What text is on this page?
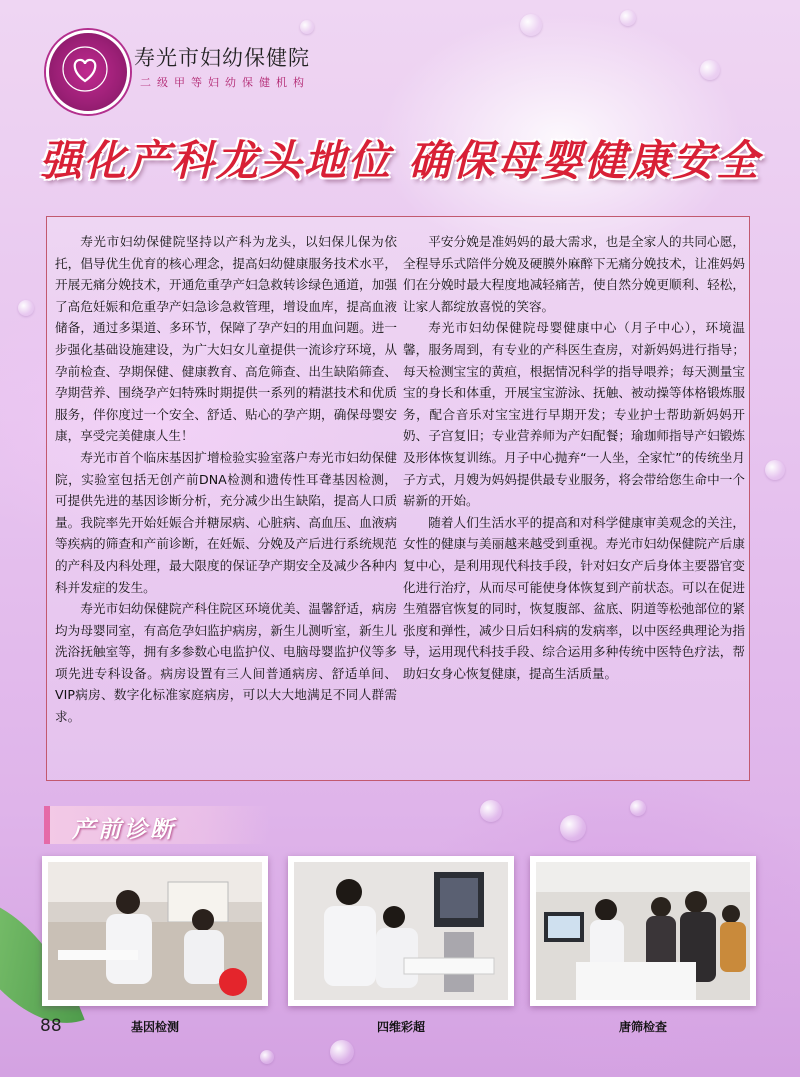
寿光市妇幼保健院
二级甲等妇幼保健机构
强化产科龙头地位 确保母婴健康安全

寿光市妇幼保健院坚持以产科为龙头，以妇保儿保为依托，倡导优生优育的核心理念，提高妇幼健康服务技术水平，开展无痛分娩技术，开通危重孕产妇急救转诊绿色通道，加强了高危妊娠和危重孕产妇急诊急救管理，增设血库，提高血液储备，通过多渠道、多环节，保障了孕产妇的用血问题。进一步强化基础设施建设，为广大妇女儿童提供一流诊疗环境，从孕前检查、孕期保健、健康教育、高危筛查、出生缺陷筛查、孕期营养、围绕孕产妇特殊时期提供一系列的精湛技术和优质服务，伴你度过一个安全、舒适、贴心的孕产期，确保母婴安康，享受完美健康人生！

寿光市首个临床基因扩增检验实验室落户寿光市妇幼保健院，实验室包括无创产前DNA检测和遗传性耳聋基因检测，可提供先进的基因诊断分析，充分减少出生缺陷，提高人口质量。我院率先开始妊娠合并糖尿病、心脏病、高血压、血液病等疾病的筛查和产前诊断，在妊娠、分娩及产后进行系统规范的产科及内科处理，最大限度的保证孕产期安全及减少各种内科并发症的发生。

寿光市妇幼保健院产科住院区环境优美、温馨舒适，病房均为母婴同室，有高危孕妇监护病房，新生儿测听室，新生儿洗浴抚触室等，拥有多参数心电监护仪、电脑母婴监护仪等多项先进专科设备。病房设置有三人间普通病房、舒适单间、VIP病房、数字化标准家庭病房，可以大大地满足不同人群需求。

平安分娩是准妈妈的最大需求，也是全家人的共同心愿，全程导乐式陪伴分娩及硬膜外麻醉下无痛分娩技术，让准妈妈们在分娩时最大程度地减轻痛苦，使自然分娩更顺利、轻松，让家人都绽放喜悦的笑容。

寿光市妇幼保健院母婴健康中心（月子中心），环境温馨，服务周到，有专业的产科医生查房，对新妈妈进行指导；每天检测宝宝的黄疸，根据情况科学的指导喂养；每天测量宝宝的身长和体重，开展宝宝游泳、抚触、被动操等体格锻炼服务，配合音乐对宝宝进行早期开发；专业护士帮助新妈妈开奶、子宫复旧；专业营养师为产妇配餐；瑜珈师指导产妇锻炼及形体恢复训练。月子中心抛弃“一人坐，全家忙”的传统坐月子方式，月嫂为妈妈提供最专业服务，将会带给您生命中一个崭新的开始。

随着人们生活水平的提高和对科学健康审美观念的关注，女性的健康与美丽越来越受到重视。寿光市妇幼保健院产后康复中心，是利用现代科技手段，针对妇女产后身体主要器官变化进行治疗，从而尽可能使身体恢复到产前状态。可以在促进生殖器官恢复的同时，恢复腹部、盆底、阴道等松弛部位的紧张度和弹性，减少日后妇科病的发病率，以中医经典理论为指导，运用现代科技手段、综合运用多种传统中医特色疗法，帮助妇女身心恢复健康，提高生活质量。

产前诊断
基因检测	四维彩超	唐筛检查
88
